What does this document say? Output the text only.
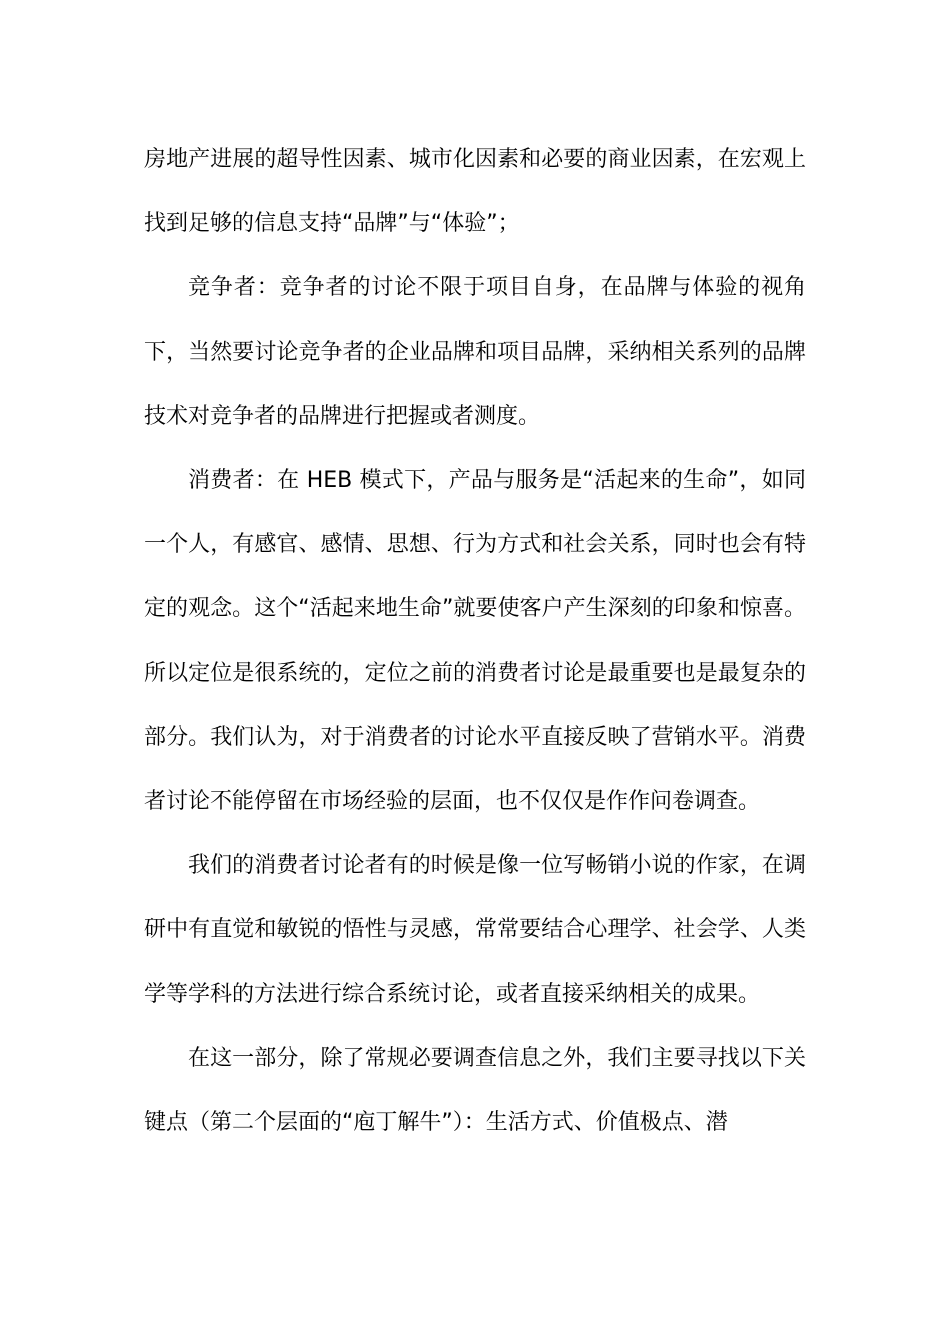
房地产进展的超导性因素、城市化因素和必要的商业因素，在宏观上找到足够的信息支持“品牌”与“体验”；

竞争者：竞争者的讨论不限于项目自身，在品牌与体验的视角下，当然要讨论竞争者的企业品牌和项目品牌，采纳相关系列的品牌技术对竞争者的品牌进行把握或者测度。

消费者：在 HEB 模式下，产品与服务是“活起来的生命”，如同一个人，有感官、感情、思想、行为方式和社会关系，同时也会有特定的观念。这个“活起来地生命”就要使客户产生深刻的印象和惊喜。所以定位是很系统的，定位之前的消费者讨论是最重要也是最复杂的部分。我们认为，对于消费者的讨论水平直接反映了营销水平。消费者讨论不能停留在市场经验的层面，也不仅仅是作作问卷调查。

我们的消费者讨论者有的时候是像一位写畅销小说的作家，在调研中有直觉和敏锐的悟性与灵感，常常要结合心理学、社会学、人类学等学科的方法进行综合系统讨论，或者直接采纳相关的成果。

在这一部分，除了常规必要调查信息之外，我们主要寻找以下关键点（第二个层面的“庖丁解牛”）：生活方式、价值极点、潜
